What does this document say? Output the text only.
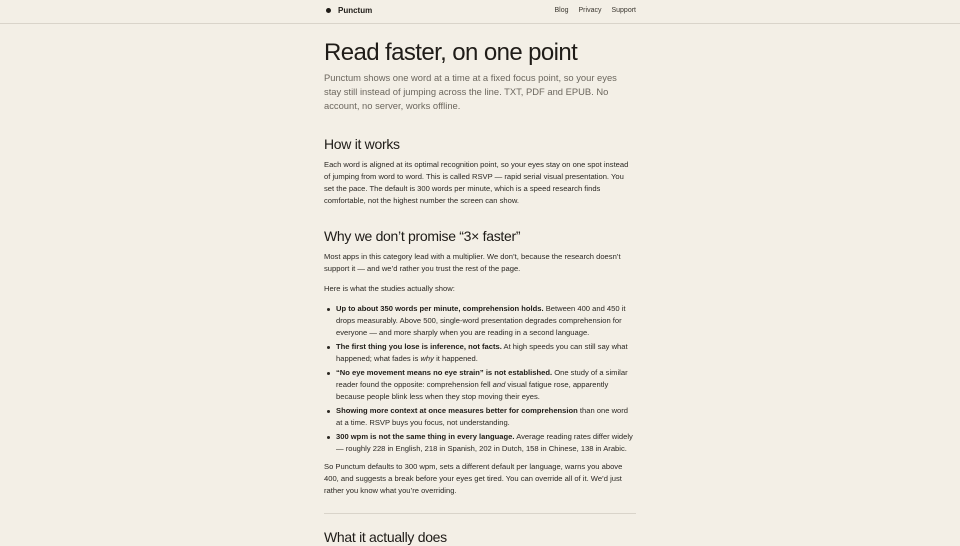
Punctum	Blog Privacy Support
Read faster, on one point

Punctum shows one word at a time at a fixed focus point, so your eyes stay still instead of jumping across the line. TXT, PDF and EPUB. No account, no server, works offline.

How it works

Each word is aligned at its optimal recognition point, so your eyes stay on one spot instead of jumping from word to word. This is called RSVP — rapid serial visual presentation. You set the pace. The default is 300 words per minute, which is a speed research finds comfortable, not the highest number the screen can show.

Why we don’t promise “3× faster”

Most apps in this category lead with a multiplier. We don’t, because the research doesn’t support it — and we’d rather you trust the rest of the page.

Here is what the studies actually show:

Up to about 350 words per minute, comprehension holds. Between 400 and 450 it drops measurably. Above 500, single-word presentation degrades comprehension for everyone — and more sharply when you are reading in a second language.
The first thing you lose is inference, not facts. At high speeds you can still say what happened; what fades is why it happened.
“No eye movement means no eye strain” is not established. One study of a similar reader found the opposite: comprehension fell and visual fatigue rose, apparently because people blink less when they stop moving their eyes.
Showing more context at once measures better for comprehension than one word at a time. RSVP buys you focus, not understanding.
300 wpm is not the same thing in every language. Average reading rates differ widely — roughly 228 in English, 218 in Spanish, 202 in Dutch, 158 in Chinese, 138 in Arabic.

So Punctum defaults to 300 wpm, sets a different default per language, warns you above 400, and suggests a break before your eyes get tired. You can override all of it. We’d just rather you know what you’re overriding.

What it actually does
